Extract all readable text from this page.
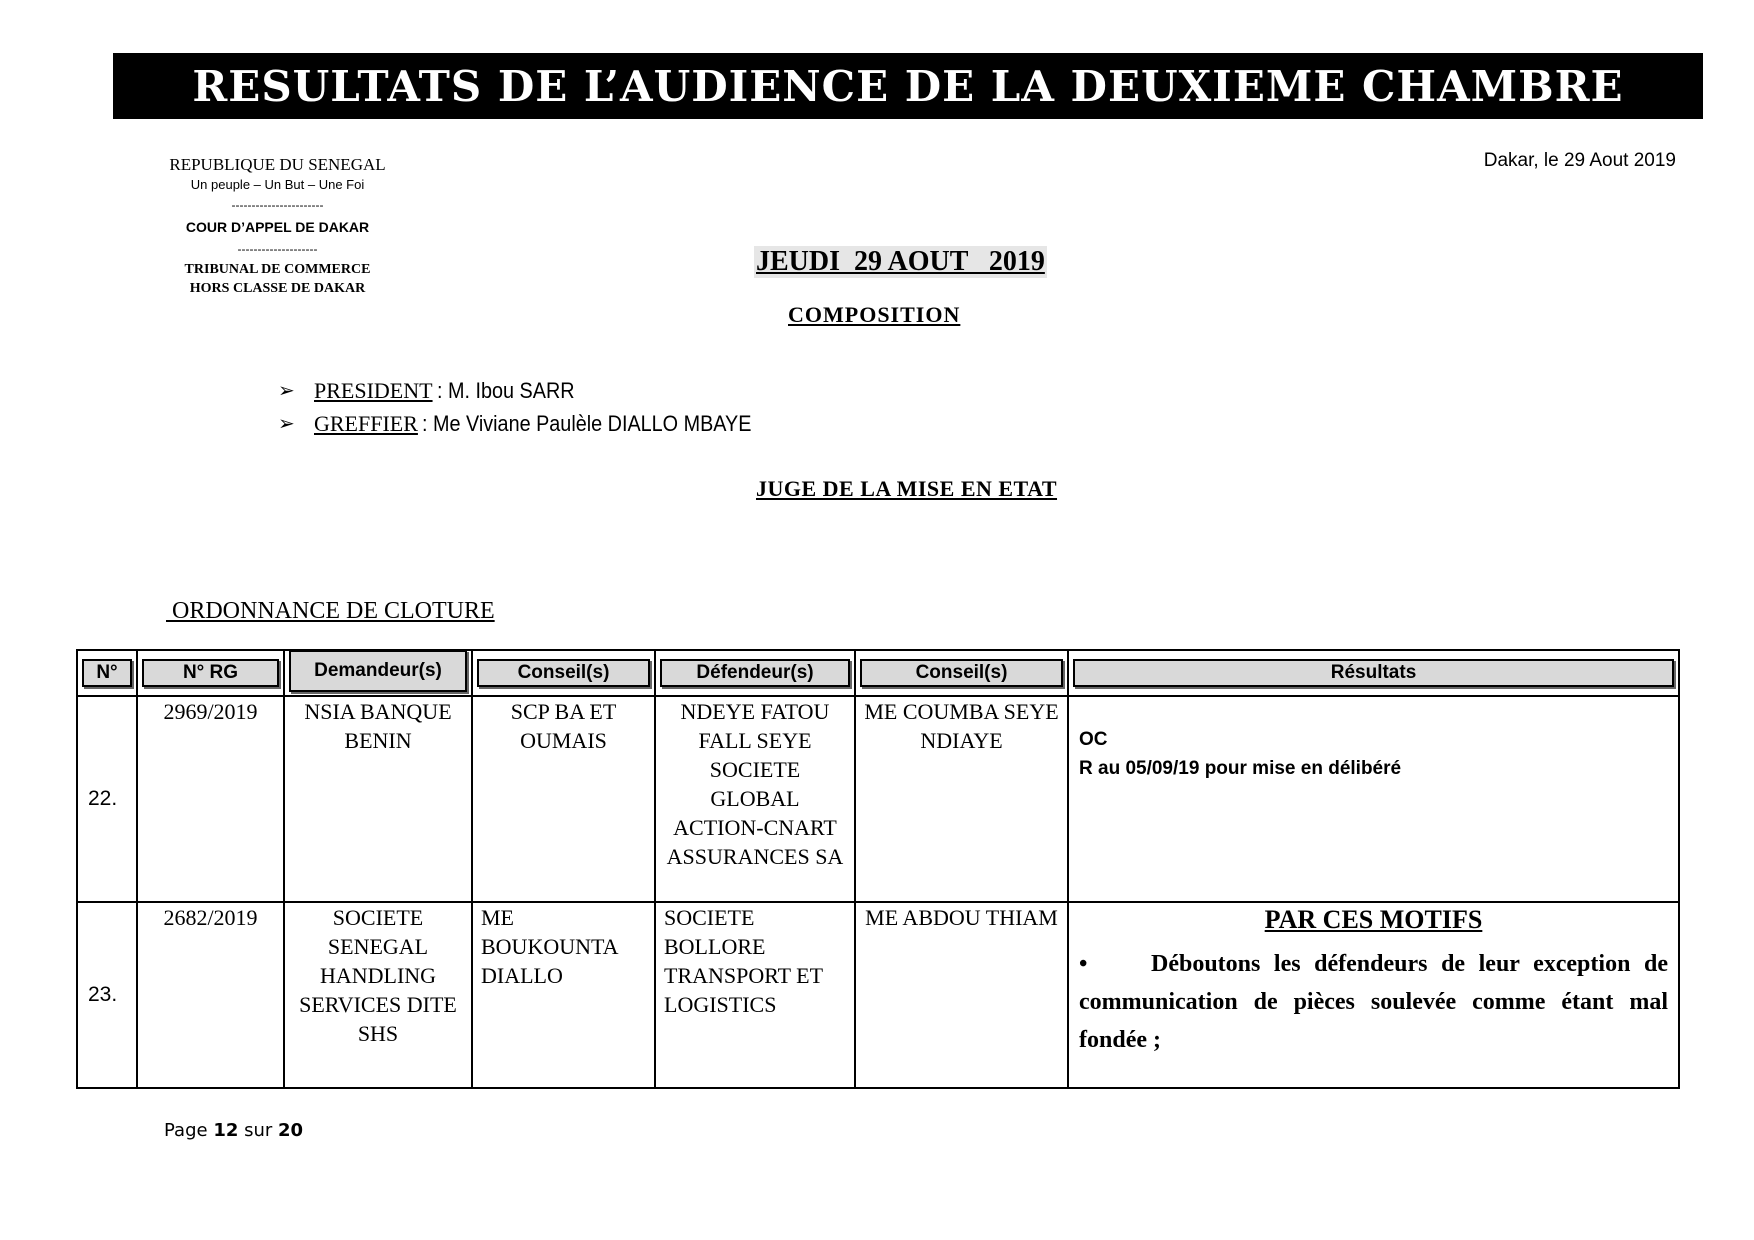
RESULTATS DE L’AUDIENCE DE LA DEUXIEME CHAMBRE
REPUBLIQUE DU SENEGAL
Un peuple – Un But – Une Foi
-----------------------
COUR D’APPEL DE DAKAR
--------------------
TRIBUNAL DE COMMERCE
HORS CLASSE DE DAKAR
Dakar, le 29 Aout 2019
JEUDI  29 AOUT   2019
COMPOSITION
➢ PRESIDENT : M. Ibou SARR
➢ GREFFIER : Me Viviane Paulèle DIALLO MBAYE
JUGE DE LA MISE EN ETAT
ORDONNANCE DE CLOTURE
N°	N° RG	Demandeur(s)	Conseil(s)	Défendeur(s)	Conseil(s)	Résultats

22.	2969/2019	NSIA BANQUE BENIN	SCP BA ET OUMAIS	NDEYE FATOU FALL SEYE SOCIETE GLOBAL ACTION-CNART ASSURANCES SA	ME COUMBA SEYE NDIAYE	OC
R au 05/09/19 pour mise en délibéré

23.	2682/2019	SOCIETE SENEGAL HANDLING SERVICES DITE SHS	ME BOUKOUNTA DIALLO	SOCIETE BOLLORE TRANSPORT ET LOGISTICS	ME ABDOU THIAM	PAR CES MOTIFS
• Déboutons les défendeurs de leur exception de communication de pièces soulevée comme étant mal fondée ;
Page 12 sur 20
